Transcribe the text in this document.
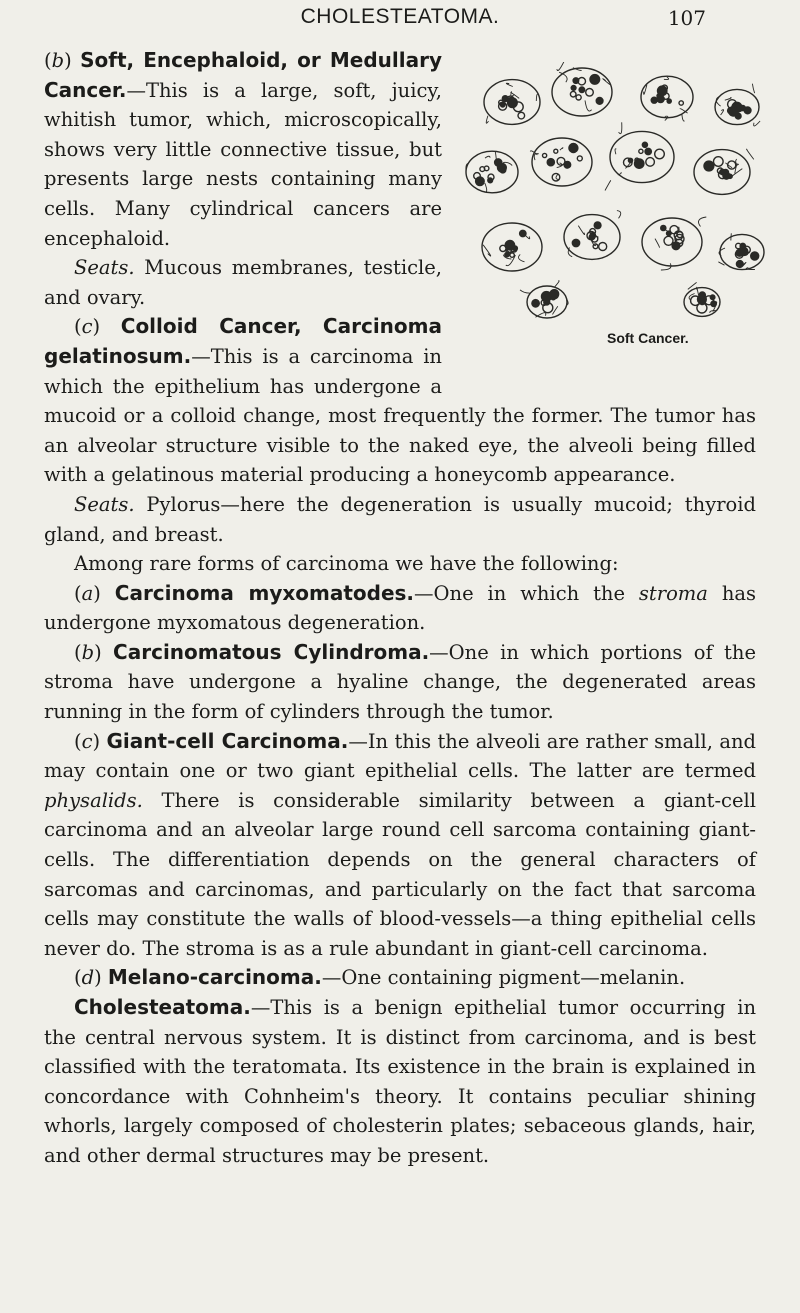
CHOLESTEATOMA.	107
Soft Cancer.

(b) Soft, Encephaloid, or Medullary Cancer.—This is a large, soft, juicy, whitish tumor, which, microscopically, shows very little connective tissue, but presents large nests containing many cells. Many cylindrical cancers are encephaloid.

Seats. Mucous membranes, testicle, and ovary.

(c) Colloid Cancer, Carcinoma gelatinosum.—This is a carcinoma in which the epithelium has undergone a mucoid or a colloid change, most frequently the former. The tumor has an alveolar structure visible to the naked eye, the alveoli being filled with a gelatinous material producing a honeycomb appearance.

Seats. Pylorus—here the degeneration is usually mucoid; thyroid gland, and breast.

Among rare forms of carcinoma we have the following:

(a) Carcinoma myxomatodes.—One in which the stroma has undergone myxomatous degeneration.

(b) Carcinomatous Cylindroma.—One in which portions of the stroma have undergone a hyaline change, the degenerated areas running in the form of cylinders through the tumor.

(c) Giant-cell Carcinoma.—In this the alveoli are rather small, and may contain one or two giant epithelial cells. The latter are termed physalids. There is considerable similarity between a giant-cell carcinoma and an alveolar large round cell sarcoma containing giant-cells. The differentiation depends on the general characters of sarcomas and carcinomas, and particularly on the fact that sarcoma cells may constitute the walls of blood-vessels—a thing epithelial cells never do. The stroma is as a rule abundant in giant-cell carcinoma.

(d) Melano-carcinoma.—One containing pigment—melanin.

Cholesteatoma.—This is a benign epithelial tumor occurring in the central nervous system. It is distinct from carcinoma, and is best classified with the teratomata. Its existence in the brain is explained in concordance with Cohnheim's theory. It contains peculiar shining whorls, largely composed of cholesterin plates; sebaceous glands, hair, and other dermal structures may be present.
